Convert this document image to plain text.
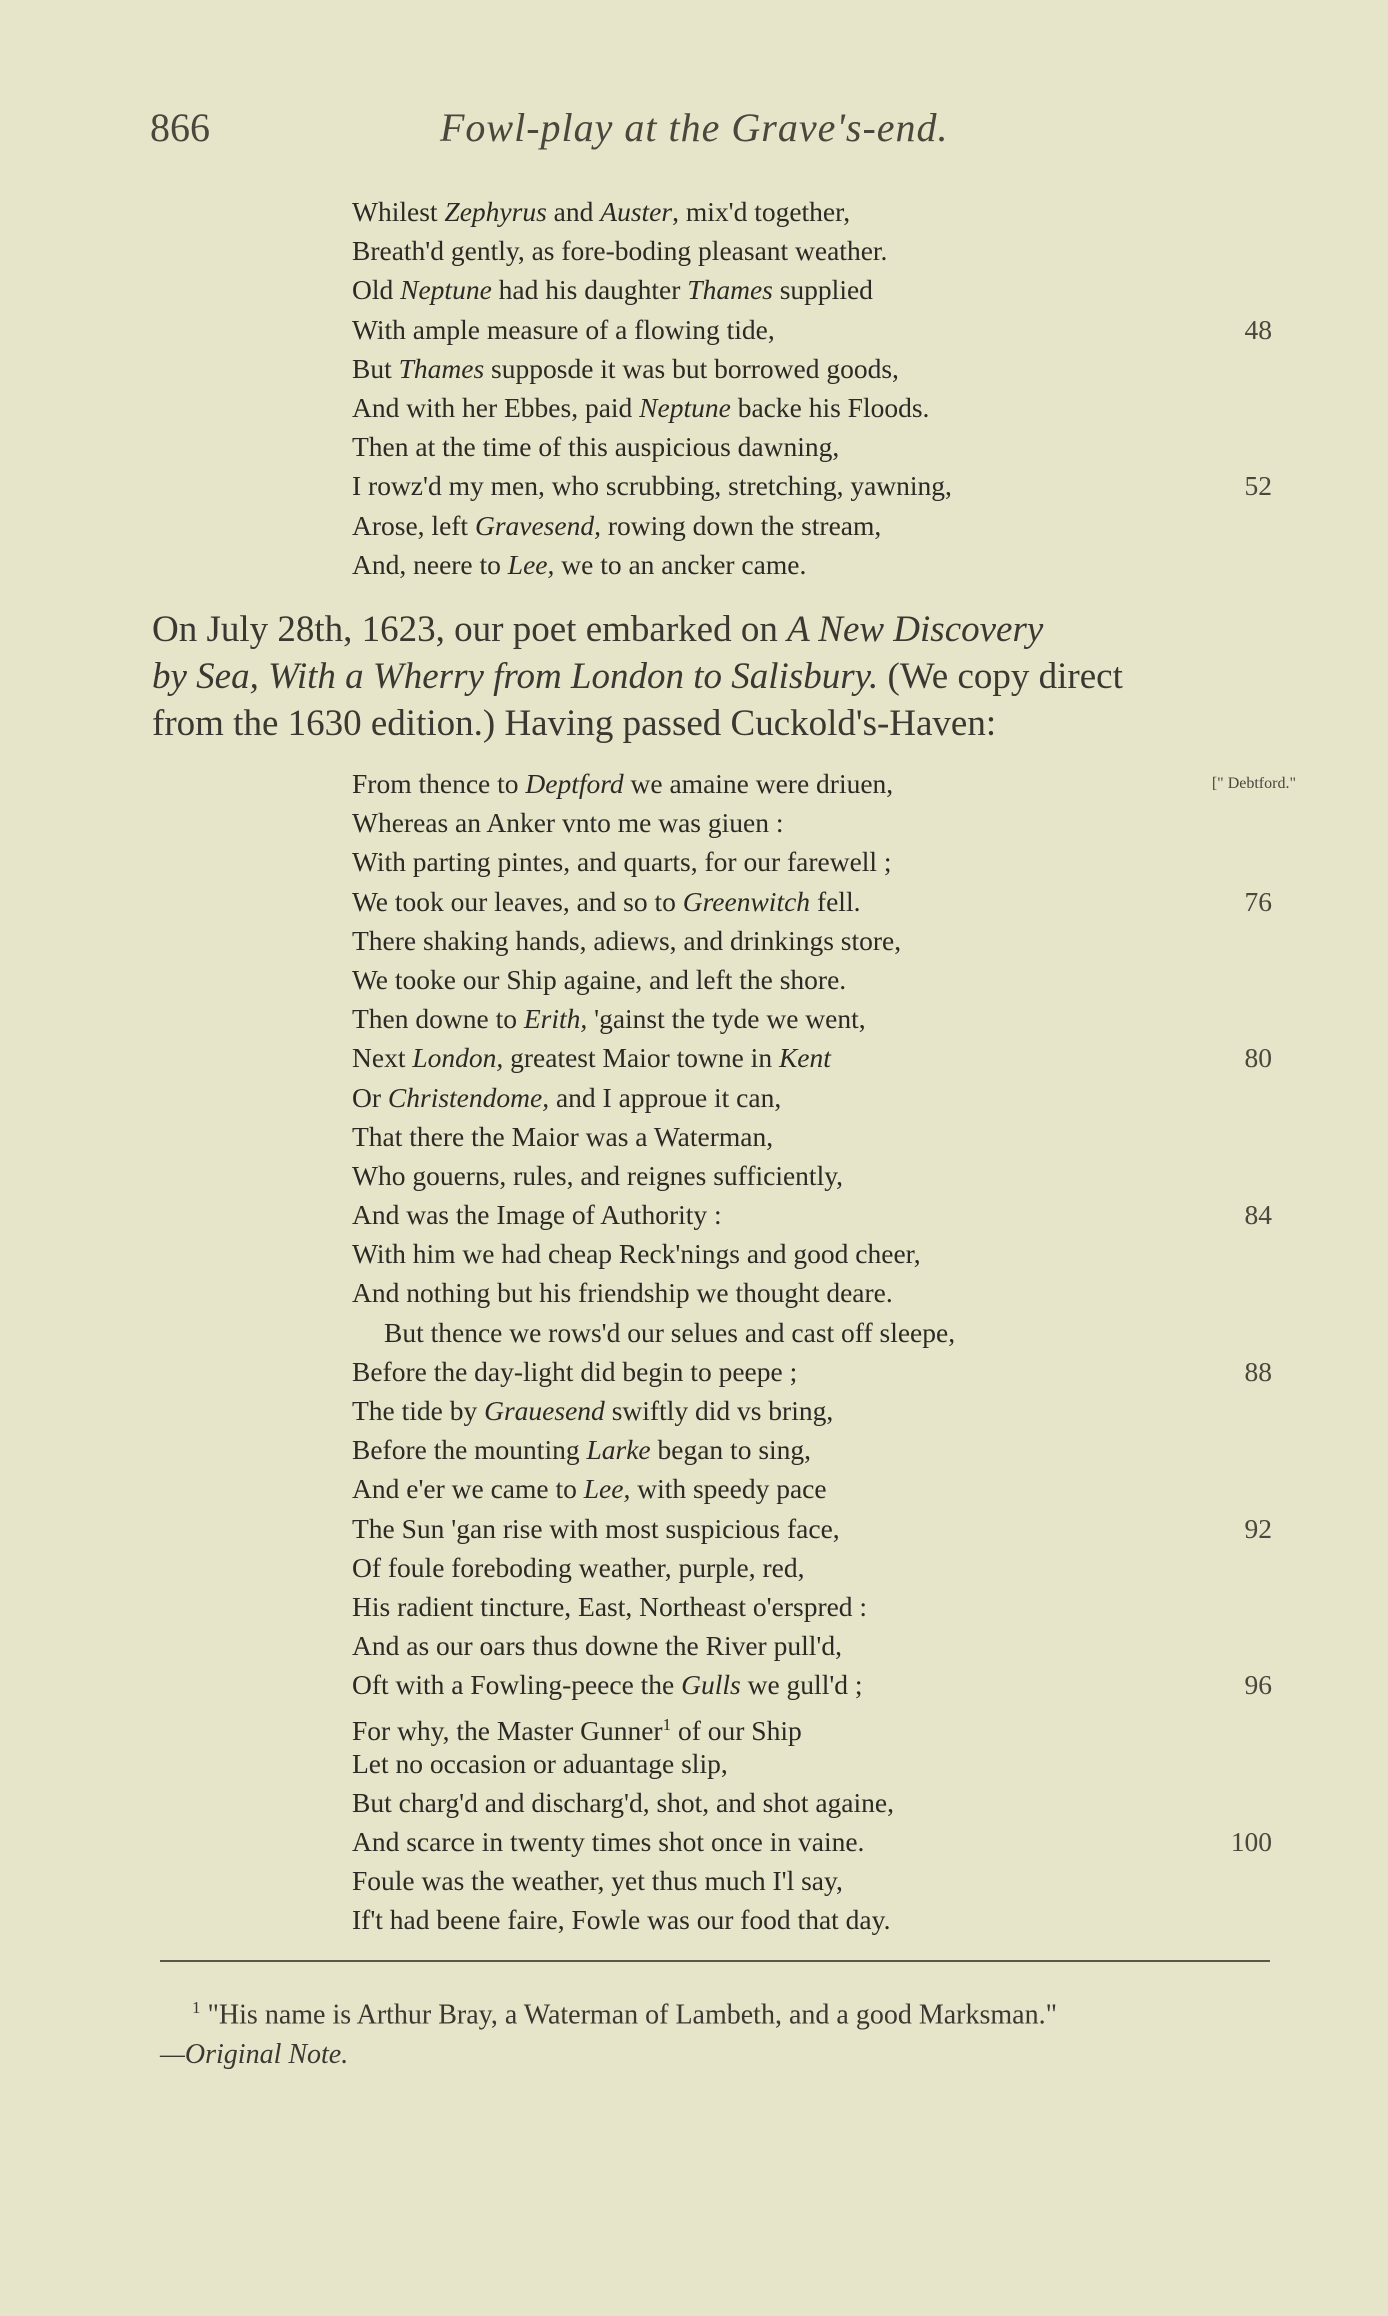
866	Fowl-play at the Grave's-end.
Whilest Zephyrus and Auster, mix'd together,
Breath'd gently, as fore-boding pleasant weather.
Old Neptune had his daughter Thames supplied
With ample measure of a flowing tide,	48
But Thames supposde it was but borrowed goods,
And with her Ebbes, paid Neptune backe his Floods.
Then at the time of this auspicious dawning,
I rowz'd my men, who scrubbing, stretching, yawning,	52
Arose, left Gravesend, rowing down the stream,
And, neere to Lee, we to an ancker came.

On July 28th, 1623, our poet embarked on A New Discovery

by Sea, With a Wherry from London to Salisbury. (We copy direct

from the 1630 edition.) Having passed Cuckold's-Haven:

From thence to Deptford we amaine were driuen,	[" Debtford."
Whereas an Anker vnto me was giuen :
With parting pintes, and quarts, for our farewell ;
We took our leaves, and so to Greenwitch fell.	76
There shaking hands, adiews, and drinkings store,
We tooke our Ship againe, and left the shore.
Then downe to Erith, 'gainst the tyde we went,
Next London, greatest Maior towne in Kent	80
Or Christendome, and I approue it can,
That there the Maior was a Waterman,
Who gouerns, rules, and reignes sufficiently,
And was the Image of Authority :	84
With him we had cheap Reck'nings and good cheer,
And nothing but his friendship we thought deare.
But thence we rows'd our selues and cast off sleepe,
Before the day-light did begin to peepe ;	88
The tide by Grauesend swiftly did vs bring,
Before the mounting Larke began to sing,
And e'er we came to Lee, with speedy pace
The Sun 'gan rise with most suspicious face,	92
Of foule foreboding weather, purple, red,
His radient tincture, East, Northeast o'erspred :
And as our oars thus downe the River pull'd,
Oft with a Fowling-peece the Gulls we gull'd ;	96
For why, the Master Gunner$^1$ of our Ship
Let no occasion or aduantage slip,
But charg'd and discharg'd, shot, and shot againe,
And scarce in twenty times shot once in vaine.	100
Foule was the weather, yet thus much I'l say,
If't had beene faire, Fowle was our food that day.
$^1$ "His name is Arthur Bray, a Waterman of Lambeth, and a good Marksman."
—Original Note.
